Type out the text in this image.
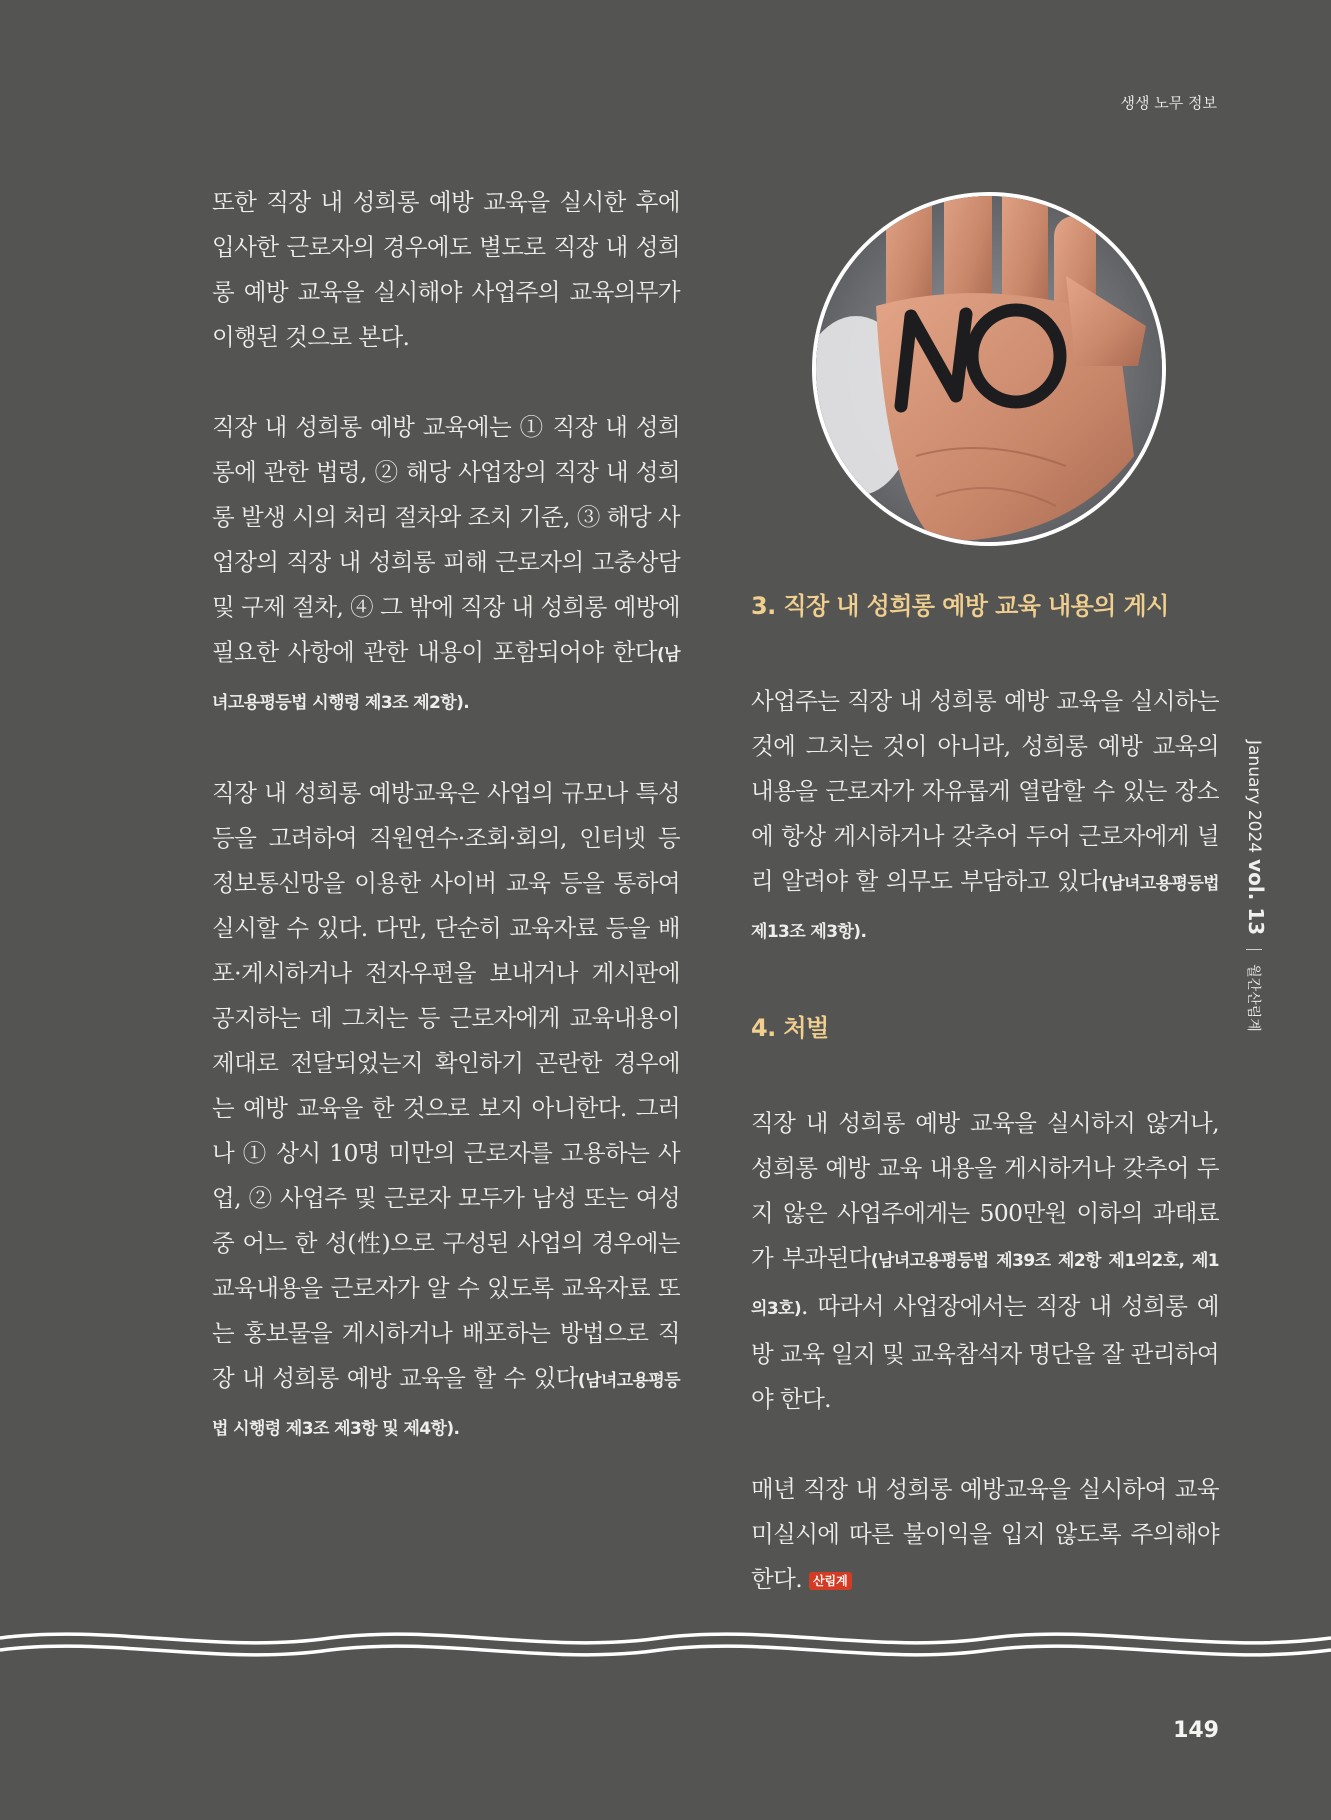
생생 노무 정보

또한 직장 내 성희롱 예방 교육을 실시한 후에 입사한 근로자의 경우에도 별도로 직장 내 성희롱 예방 교육을 실시해야 사업주의 교육의무가 이행된 것으로 본다.

직장 내 성희롱 예방 교육에는 ① 직장 내 성희롱에 관한 법령, ② 해당 사업장의 직장 내 성희롱 발생 시의 처리 절차와 조치 기준, ③ 해당 사업장의 직장 내 성희롱 피해 근로자의 고충상담 및 구제 절차, ④ 그 밖에 직장 내 성희롱 예방에 필요한 사항에 관한 내용이 포함되어야 한다(남녀고용평등법 시행령 제3조 제2항).

직장 내 성희롱 예방교육은 사업의 규모나 특성 등을 고려하여 직원연수·조회·회의, 인터넷 등 정보통신망을 이용한 사이버 교육 등을 통하여 실시할 수 있다. 다만, 단순히 교육자료 등을 배포·게시하거나 전자우편을 보내거나 게시판에 공지하는 데 그치는 등 근로자에게 교육내용이 제대로 전달되었는지 확인하기 곤란한 경우에는 예방 교육을 한 것으로 보지 아니한다. 그러나 ① 상시 10명 미만의 근로자를 고용하는 사업, ② 사업주 및 근로자 모두가 남성 또는 여성 중 어느 한 성(性)으로 구성된 사업의 경우에는 교육내용을 근로자가 알 수 있도록 교육자료 또는 홍보물을 게시하거나 배포하는 방법으로 직장 내 성희롱 예방 교육을 할 수 있다(남녀고용평등법 시행령 제3조 제3항 및 제4항).

3. 직장 내 성희롱 예방 교육 내용의 게시

사업주는 직장 내 성희롱 예방 교육을 실시하는 것에 그치는 것이 아니라, 성희롱 예방 교육의 내용을 근로자가 자유롭게 열람할 수 있는 장소에 항상 게시하거나 갖추어 두어 근로자에게 널리 알려야 할 의무도 부담하고 있다(남녀고용평등법 제13조 제3항).

4. 처벌

직장 내 성희롱 예방 교육을 실시하지 않거나, 성희롱 예방 교육 내용을 게시하거나 갖추어 두지 않은 사업주에게는 500만원 이하의 과태료가 부과된다(남녀고용평등법 제39조 제2항 제1의2호, 제1의3호). 따라서 사업장에서는 직장 내 성희롱 예방 교육 일지 및 교육참석자 명단을 잘 관리하여야 한다.

매년 직장 내 성희롱 예방교육을 실시하여 교육미실시에 따른 불이익을 입지 않도록 주의해야 한다. 산림계

January 2024vol. 13월간산림계
149
